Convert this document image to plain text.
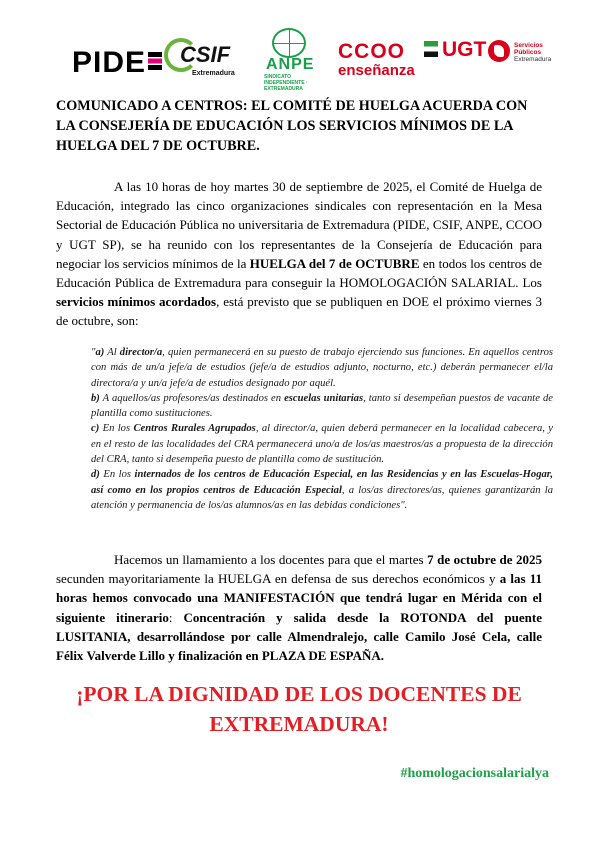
PIDE	CSIF
Extremadura
ANPE
SINDICATO INDEPENDIENTE · EXTREMADURA
CCOO
enseñanza
UGT	Servicios
Públicos
Extremadura
COMUNICADO A CENTROS: EL COMITÉ DE HUELGA ACUERDA CON LA CONSEJERÍA DE EDUCACIÓN LOS SERVICIOS MÍNIMOS DE LA HUELGA DEL 7 DE OCTUBRE.

A las 10 horas de hoy martes 30 de septiembre de 2025, el Comité de Huelga de Educación, integrado las cinco organizaciones sindicales con representación en la Mesa Sectorial de Educación Pública no universitaria de Extremadura (PIDE, CSIF, ANPE, CCOO y UGT SP), se ha reunido con los representantes de la Consejería de Educación para negociar los servicios mínimos de la HUELGA del 7 de OCTUBRE en todos los centros de Educación Pública de Extremadura para conseguir la HOMOLOGACIÓN SALARIAL. Los servicios mínimos acordados, está previsto que se publiquen en DOE el próximo viernes 3 de octubre, son:

"a) Al director/a, quien permanecerá en su puesto de trabajo ejerciendo sus funciones. En aquellos centros con más de un/a jefe/a de estudios (jefe/a de estudios adjunto, nocturno, etc.) deberán permanecer el/la directora/a y un/a jefe/a de estudios designado por aquél.
b) A aquellos/as profesores/as destinados en escuelas unitarias, tanto si desempeñan puestos de vacante de plantilla como sustituciones.
c) En los Centros Rurales Agrupados, al director/a, quien deberá permanecer en la localidad cabecera, y en el resto de las localidades del CRA permanecerá uno/a de los/as maestros/as a propuesta de la dirección del CRA, tanto si desempeña puesto de plantilla como de sustitución.
d) En los internados de los centros de Educación Especial, en las Residencias y en las Escuelas-Hogar, así como en los propios centros de Educación Especial, a los/as directores/as, quienes garantizarán la atención y permanencia de los/as alumnos/as en las debidas condiciones".

Hacemos un llamamiento a los docentes para que el martes 7 de octubre de 2025 secunden mayoritariamente la HUELGA en defensa de sus derechos económicos y a las 11 horas hemos convocado una MANIFESTACIÓN que tendrá lugar en Mérida con el siguiente itinerario: Concentración y salida desde la ROTONDA del puente LUSITANIA, desarrollándose por calle Almendralejo, calle Camilo José Cela, calle Félix Valverde Lillo y finalización en PLAZA DE ESPAÑA.

¡POR LA DIGNIDAD DE LOS DOCENTES DE EXTREMADURA!

#homologacionsalarialya
